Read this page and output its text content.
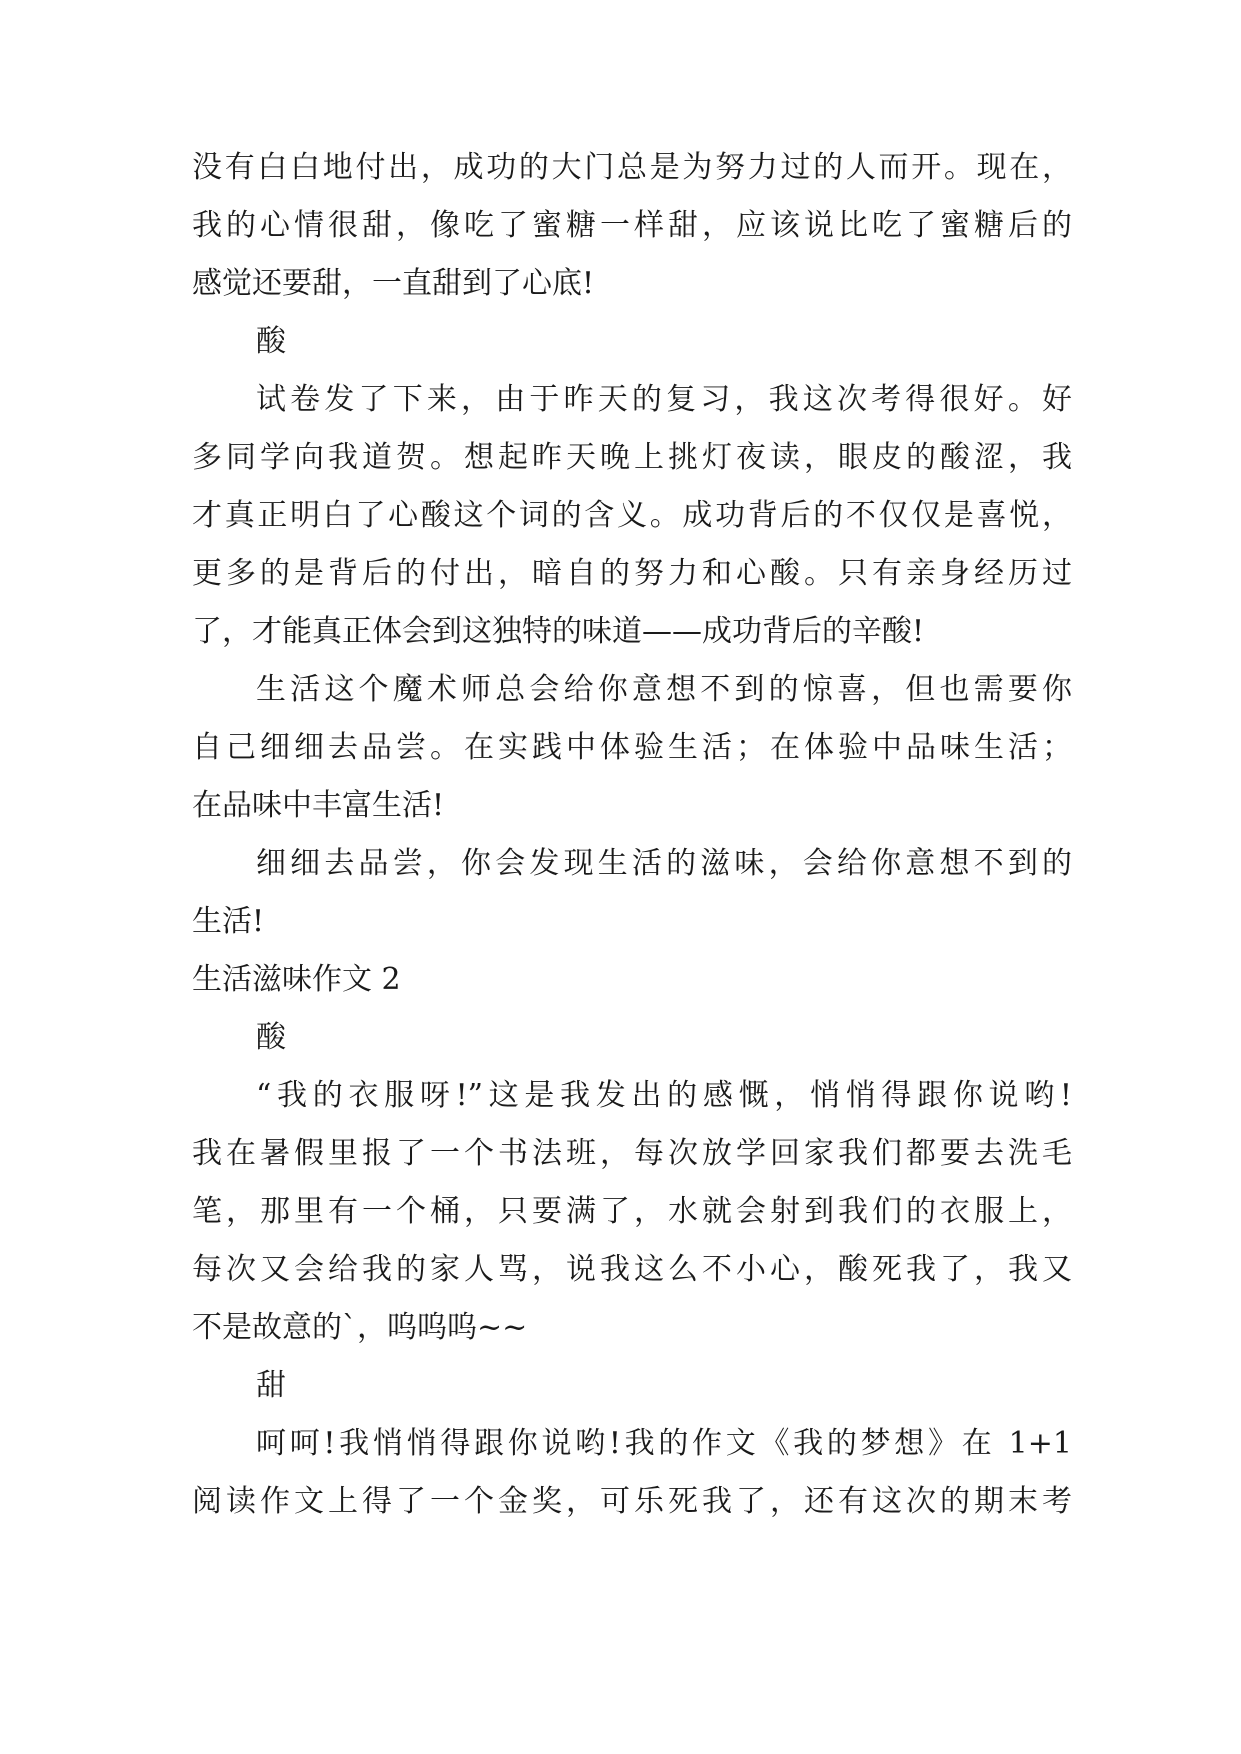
没有白白地付出，成功的大门总是为努力过的人而开。现在，
我的心情很甜，像吃了蜜糖一样甜，应该说比吃了蜜糖后的
感觉还要甜，一直甜到了心底!
酸
试卷发了下来，由于昨天的复习，我这次考得很好。好
多同学向我道贺。想起昨天晚上挑灯夜读，眼皮的酸涩，我
才真正明白了心酸这个词的含义。成功背后的不仅仅是喜悦，
更多的是背后的付出，暗自的努力和心酸。只有亲身经历过
了，才能真正体会到这独特的味道——成功背后的辛酸!
生活这个魔术师总会给你意想不到的惊喜，但也需要你
自己细细去品尝。在实践中体验生活；在体验中品味生活；
在品味中丰富生活!
细细去品尝，你会发现生活的滋味，会给你意想不到的
生活!
生活滋味作文 2
酸
“我的衣服呀!”这是我发出的感慨，悄悄得跟你说哟!
我在暑假里报了一个书法班，每次放学回家我们都要去洗毛
笔，那里有一个桶，只要满了，水就会射到我们的衣服上，
每次又会给我的家人骂，说我这么不小心，酸死我了，我又
不是故意的`，呜呜呜~~
甜
呵呵!我悄悄得跟你说哟!我的作文《我的梦想》在 1+1
阅读作文上得了一个金奖，可乐死我了，还有这次的期末考
